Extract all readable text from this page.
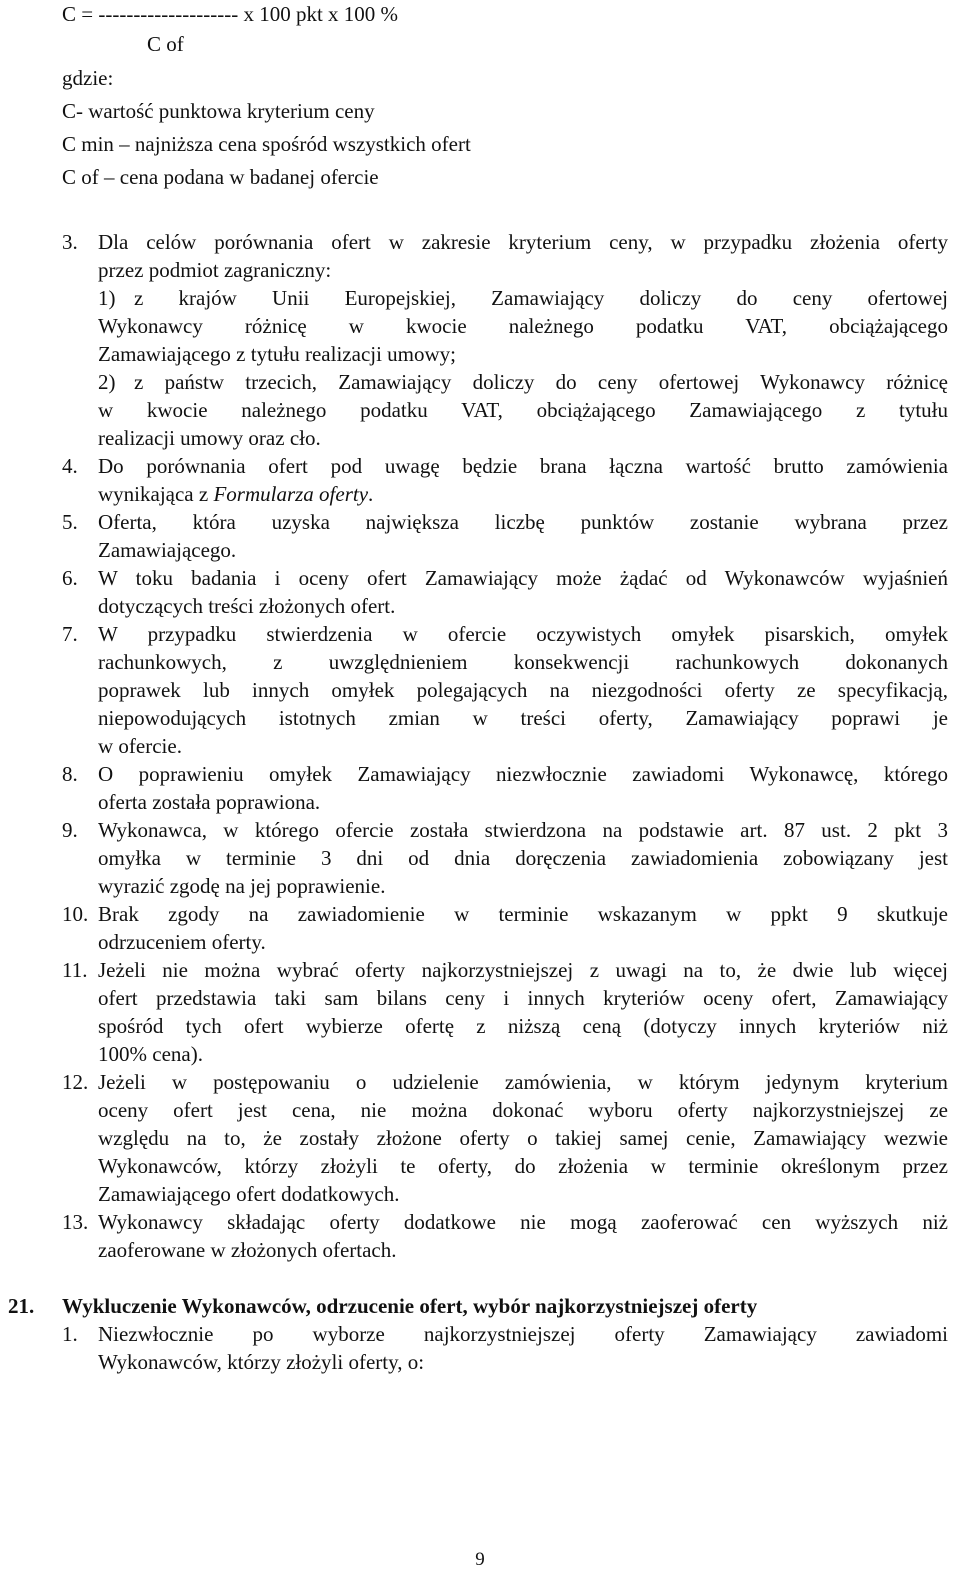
C = -------------------- x 100 pkt x 100 %
C of
gdzie:
C- wartość punktowa kryterium ceny
C min – najniższa cena spośród wszystkich ofert
C of – cena podana w badanej ofercie
3. Dla celów porównania ofert w zakresie kryterium ceny, w przypadku złożenia oferty
przez podmiot zagraniczny:
1) z krajów Unii Europejskiej, Zamawiający doliczy do ceny ofertowej
Wykonawcy różnicę w kwocie należnego podatku VAT, obciążającego
Zamawiającego z tytułu realizacji umowy;
2) z państw trzecich, Zamawiający doliczy do ceny ofertowej Wykonawcy różnicę
w kwocie należnego podatku VAT, obciążającego Zamawiającego z tytułu
realizacji umowy oraz cło.
4. Do porównania ofert pod uwagę będzie brana łączna wartość brutto zamówienia
wynikająca z Formularza oferty.
5. Oferta, która uzyska największa liczbę punktów zostanie wybrana przez
Zamawiającego.
6. W toku badania i oceny ofert Zamawiający może żądać od Wykonawców wyjaśnień
dotyczących treści złożonych ofert.
7. W przypadku stwierdzenia w ofercie oczywistych omyłek pisarskich, omyłek
rachunkowych, z uwzględnieniem konsekwencji rachunkowych dokonanych
poprawek lub innych omyłek polegających na niezgodności oferty ze specyfikacją,
niepowodujących istotnych zmian w treści oferty, Zamawiający poprawi je
w ofercie.
8. O poprawieniu omyłek Zamawiający niezwłocznie zawiadomi Wykonawcę, którego
oferta została poprawiona.
9. Wykonawca, w którego ofercie została stwierdzona na podstawie art. 87 ust. 2 pkt 3
omyłka w terminie 3 dni od dnia doręczenia zawiadomienia zobowiązany jest
wyrazić zgodę na jej poprawienie.
10. Brak zgody na zawiadomienie w terminie wskazanym w ppkt 9 skutkuje
odrzuceniem oferty.
11. Jeżeli nie można wybrać oferty najkorzystniejszej z uwagi na to, że dwie lub więcej
ofert przedstawia taki sam bilans ceny i innych kryteriów oceny ofert, Zamawiający
spośród tych ofert wybierze ofertę z niższą ceną (dotyczy innych kryteriów niż
100% cena).
12. Jeżeli w postępowaniu o udzielenie zamówienia, w którym jedynym kryterium
oceny ofert jest cena, nie można dokonać wyboru oferty najkorzystniejszej ze
względu na to, że zostały złożone oferty o takiej samej cenie, Zamawiający wezwie
Wykonawców, którzy złożyli te oferty, do złożenia w terminie określonym przez
Zamawiającego ofert dodatkowych.
13. Wykonawcy składając oferty dodatkowe nie mogą zaoferować cen wyższych niż
zaoferowane w złożonych ofertach.
21. Wykluczenie Wykonawców, odrzucenie ofert, wybór najkorzystniejszej oferty
1. Niezwłocznie po wyborze najkorzystniejszej oferty Zamawiający zawiadomi
Wykonawców, którzy złożyli oferty, o:
9
